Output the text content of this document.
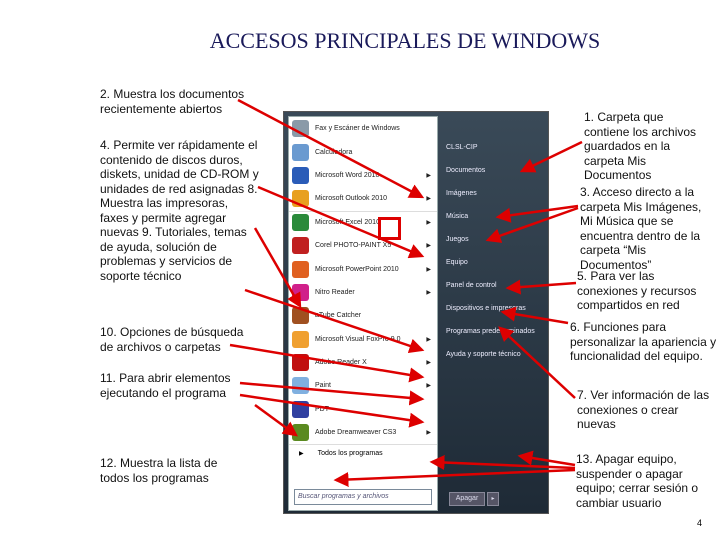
ACCESOS PRINCIPALES DE WINDOWS
2. Muestra los documentos recientemente abiertos
4. Permite ver rápidamente el contenido de discos duros, diskets, unidad de CD-ROM y unidades de red asignadas 8. Muestra las impresoras, faxes y permite agregar nuevas 9. Tutoriales, temas de ayuda, solución de problemas y servicios de soporte técnico
10. Opciones de búsqueda de archivos o carpetas
11. Para abrir elementos ejecutando el programa
12. Muestra la lista de todos los programas
1. Carpeta que contiene los archivos guardados en la carpeta Mis Documentos
3. Acceso directo a la carpeta Mis Imágenes, Mi Música que se encuentra dentro de la carpeta “Mis Documentos”
5. Para ver las conexiones y recursos compartidos en red
6. Funciones para personalizar la apariencia y funcionalidad del equipo.
7. Ver información de las conexiones o crear nuevas
13. Apagar equipo, suspender o apagar equipo; cerrar sesión o cambiar usuario
Fax y Escáner de Windows
Calculadora
Microsoft Word 2010	▶
Microsoft Outlook 2010	▶
Microsoft Excel 2010	▶
Corel PHOTO-PAINT X5	▶
Microsoft PowerPoint 2010	▶
Nitro Reader	▶
aTube Catcher
Microsoft Visual FoxPro 9.0	▶
Adobe Reader X	▶
Paint	▶
PDT
Adobe Dreamweaver CS3	▶
▶ Todos los programas
Buscar programas y archivos
CLSL-CIP
Documentos
Imágenes
Música
Juegos
Equipo
Panel de control
Dispositivos e impresoras
Programas predeterminados
Ayuda y soporte técnico
Apagar	▸
4
